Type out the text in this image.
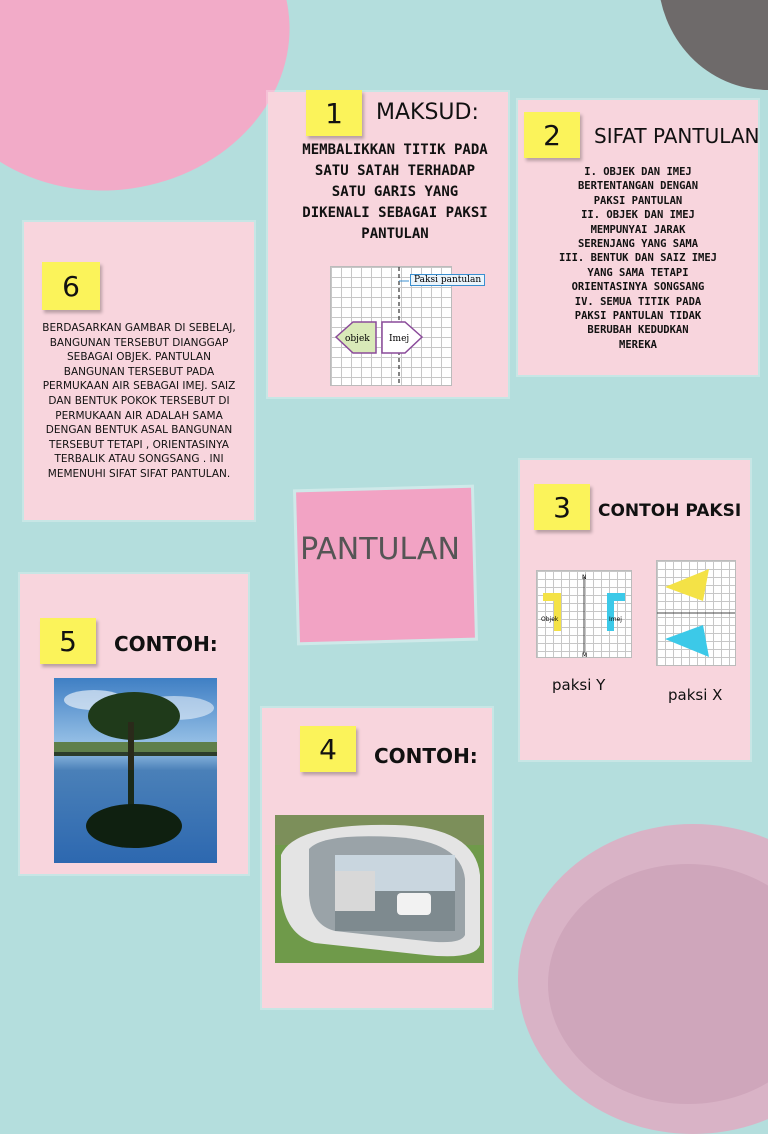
1	MAKSUD:
MEMBALIKKAN TITIK PADA SATU SATAH TERHADAP SATU GARIS YANG DIKENALI SEBAGAI PAKSI PANTULAN
objek Imej
Paksi pantulan
2	SIFAT PANTULAN
I. OBJEK DAN IMEJ
BERTENTANGAN DENGAN
PAKSI PANTULAN
II. OBJEK DAN IMEJ
MEMPUNYAI JARAK
SERENJANG YANG SAMA
III. BENTUK DAN SAIZ IMEJ
YANG SAMA TETAPI
ORIENTASINYA SONGSANG
IV. SEMUA TITIK PADA
PAKSI PANTULAN TIDAK
BERUBAH KEDUDKAN
MEREKA
6
BERDASARKAN GAMBAR DI SEBELAJ, BANGUNAN TERSEBUT DIANGGAP SEBAGAI OBJEK. PANTULAN BANGUNAN TERSEBUT PADA PERMUKAAN AIR SEBAGAI IMEJ. SAIZ DAN BENTUK POKOK TERSEBUT DI PERMUKAAN AIR ADALAH SAMA DENGAN BENTUK ASAL BANGUNAN TERSEBUT TETAPI , ORIENTASINYA TERBALIK ATAU SONGSANG . INI MEMENUHI SIFAT SIFAT PANTULAN.
PANTULAN
3	CONTOH PAKSI
N
M
Objek	Imej
paksi Y
paksi X
5	CONTOH:
4	CONTOH:
